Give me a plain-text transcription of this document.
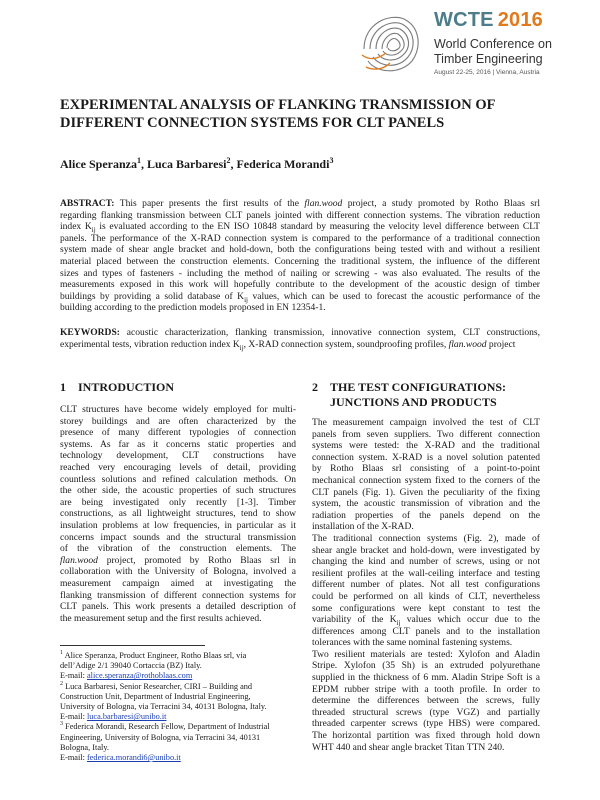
WCTE 2016
World Conference on
Timber Engineering
August 22-25, 2016 | Vienna, Austria
EXPERIMENTAL ANALYSIS OF FLANKING TRANSMISSION OF
DIFFERENT CONNECTION SYSTEMS FOR CLT PANELS
Alice Speranza$^1$, Luca Barbaresi$^2$, Federica Morandi$^3$
ABSTRACT: This paper presents the first results of the flan.wood project, a study promoted by Rotho Blaas srl
regarding flanking transmission between CLT panels jointed with different connection systems. The vibration reduction
index $K_{ij}$ is evaluated according to the EN ISO 10848 standard by measuring the velocity level difference between CLT
panels. The performance of the X-RAD connection system is compared to the performance of a traditional connection
system made of shear angle bracket and hold-down, both the configurations being tested with and without a resilient
material placed between the construction elements. Concerning the traditional system, the influence of the different
sizes and types of fasteners - including the method of nailing or screwing - was also evaluated. The results of the
measurements exposed in this work will hopefully contribute to the development of the acoustic design of timber
buildings by providing a solid database of $K_{ij}$ values, which can be used to forecast the acoustic performance of the
building according to the prediction models proposed in EN 12354-1.
KEYWORDS: acoustic characterization, flanking transmission, innovative connection system, CLT constructions,
experimental tests, vibration reduction index $K_{ij}$, X-RAD connection system, soundproofing profiles, flan.wood project
1 INTRODUCTION
CLT structures have become widely employed for multi-
storey buildings and are often characterized by the
presence of many different typologies of connection
systems. As far as it concerns static properties and
technology development, CLT constructions have
reached very encouraging levels of detail, providing
countless solutions and refined calculation methods. On
the other side, the acoustic properties of such structures
are being investigated only recently [1-3]. Timber
constructions, as all lightweight structures, tend to show
insulation problems at low frequencies, in particular as it
concerns impact sounds and the structural transmission
of the vibration of the construction elements. The
flan.wood project, promoted by Rotho Blaas srl in
collaboration with the University of Bologna, involved a
measurement campaign aimed at investigating the
flanking transmission of different connection systems for
CLT panels. This work presents a detailed description of
the measurement setup and the first results achieved.
$^1$ Alice Speranza, Product Engineer, Rotho Blaas srl, via
dell’Adige 2/1 39040 Cortaccia (BZ) Italy.
E-mail: alice.speranza@rothoblaas.com
$^2$ Luca Barbaresi, Senior Researcher, CIRI – Building and
Construction Unit, Department of Industrial Engineering,
University of Bologna, via Terracini 34, 40131 Bologna, Italy.
E-mail: luca.barbaresi@unibo.it
$^3$ Federica Morandi, Research Fellow, Department of Industrial
Engineering, University of Bologna, via Terracini 34, 40131
Bologna, Italy.
E-mail: federica.morandi6@unibo.it
2 THE TEST CONFIGURATIONS:
JUNCTIONS AND PRODUCTS
The measurement campaign involved the test of CLT
panels from seven suppliers. Two different connection
systems were tested: the X-RAD and the traditional
connection system. X-RAD is a novel solution patented
by Rotho Blaas srl consisting of a point-to-point
mechanical connection system fixed to the corners of the
CLT panels (Fig. 1). Given the peculiarity of the fixing
system, the acoustic transmission of vibration and the
radiation properties of the panels depend on the
installation of the X-RAD.
The traditional connection systems (Fig. 2), made of
shear angle bracket and hold-down, were investigated by
changing the kind and number of screws, using or not
resilient profiles at the wall-ceiling interface and testing
different number of plates. Not all test configurations
could be performed on all kinds of CLT, nevertheless
some configurations were kept constant to test the
variability of the $K_{ij}$ values which occur due to the
differences among CLT panels and to the installation
tolerances with the same nominal fastening systems.
Two resilient materials are tested: Xylofon and Aladin
Stripe. Xylofon (35 Sh) is an extruded polyurethane
supplied in the thickness of 6 mm. Aladin Stripe Soft is a
EPDM rubber stripe with a tooth profile. In order to
determine the differences between the screws, fully
threaded structural screws (type VGZ) and partially
threaded carpenter screws (type HBS) were compared.
The horizontal partition was fixed through hold down
WHT 440 and shear angle bracket Titan TTN 240.
